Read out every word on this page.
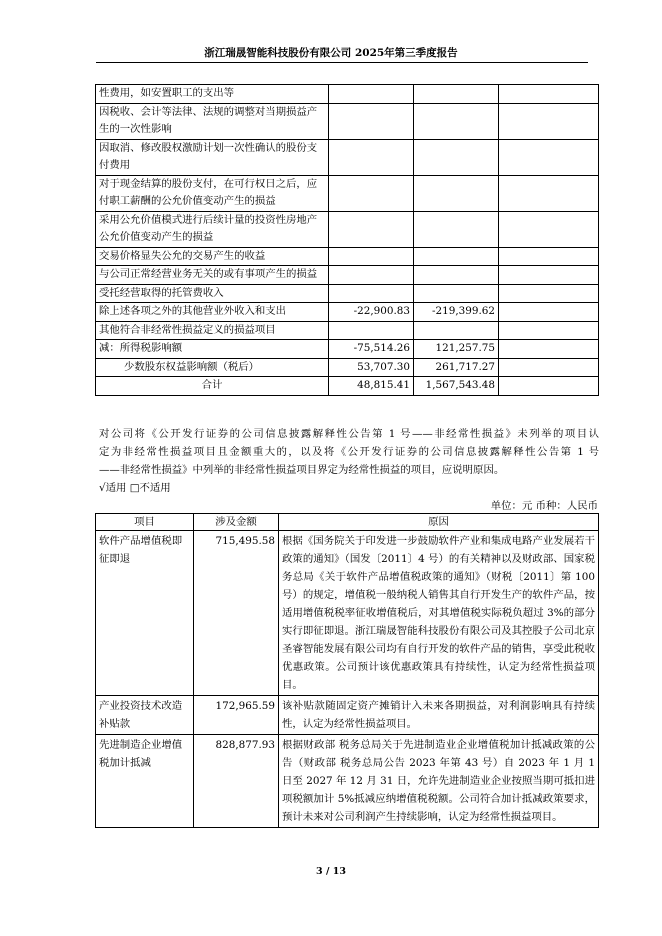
浙江瑞晟智能科技股份有限公司 2025年第三季度报告
性费用，如安置职工的支出等			
因税收、会计等法律、法规的调整对当期损益产生的一次性影响			
因取消、修改股权激励计划一次性确认的股份支付费用			
对于现金结算的股份支付，在可行权日之后，应付职工薪酬的公允价值变动产生的损益			
采用公允价值模式进行后续计量的投资性房地产公允价值变动产生的损益			
交易价格显失公允的交易产生的收益			
与公司正常经营业务无关的或有事项产生的损益			
受托经营取得的托管费收入			
除上述各项之外的其他营业外收入和支出	-22,900.83	-219,399.62	
其他符合非经常性损益定义的损益项目			
减：所得税影响额	-75,514.26	121,257.75	
少数股东权益影响额（税后）	53,707.30	261,717.27	
合计	48,815.41	1,567,543.48	
对公司将《公开发行证券的公司信息披露解释性公告第 1 号——非经常性损益》未列举的项目认
定为非经常性损益项目且金额重大的，以及将《公开发行证券的公司信息披露解释性公告第 1 号
——非经常性损益》中列举的非经常性损益项目界定为经常性损益的项目，应说明原因。
√适用 □不适用
单位：元 币种：人民币
项目	涉及金额	原因
软件产品增值税即征即退	715,495.58	根据《国务院关于印发进一步鼓励软件产业和集成电路产业发展若干政策的通知》（国发〔2011〕4 号）的有关精神以及财政部、国家税务总局《关于软件产品增值税政策的通知》（财税〔2011〕第 100 号）的规定，增值税一般纳税人销售其自行开发生产的软件产品，按适用增值税税率征收增值税后，对其增值税实际税负超过 3%的部分实行即征即退。浙江瑞晟智能科技股份有限公司及其控股子公司北京圣睿智能发展有限公司均有自行开发的软件产品的销售，享受此税收优惠政策。公司预计该优惠政策具有持续性，认定为经常性损益项目。
产业投资技术改造补贴款	172,965.59	该补贴款随固定资产摊销计入未来各期损益，对利润影响具有持续性，认定为经常性损益项目。
先进制造企业增值税加计抵减	828,877.93	根据财政部 税务总局关于先进制造业企业增值税加计抵减政策的公告（财政部 税务总局公告 2023 年第 43 号）自 2023 年 1 月 1 日至 2027 年 12 月 31 日，允许先进制造业企业按照当期可抵扣进项税额加计 5%抵减应纳增值税税额。公司符合加计抵减政策要求，预计未来对公司利润产生持续影响，认定为经常性损益项目。
3 / 13
